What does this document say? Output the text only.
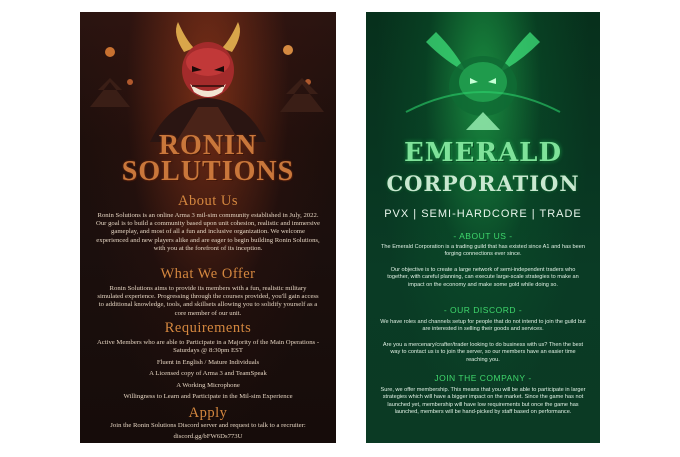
RONIN
SOLUTIONS
About Us
Ronin Solutions is an online Arma 3 mil-sim community established in July, 2022. Our goal is to build a community based upon unit cohesion, realistic and immersive gameplay, and most of all a fun and inclusive organization. We welcome experienced and new players alike and are eager to begin building Ronin Solutions, with you at the forefront of its inception.
What We Offer
Ronin Solutions aims to provide its members with a fun, realistic military simulated experience. Progressing through the courses provided, you'll gain access to additional knowledge, tools, and skillsets allowing you to solidify yourself as a core member of our unit.
Requirements
Active Members who are able to Participate in a Majority of the Main Operations - Saturdays @ 8:30pm EST
Fluent in English / Mature Individuals
A Licensed copy of Arma 3 and TeamSpeak
A Working Microphone
Willingness to Learn and Participate in the Mil-sim Experience
Apply
Join the Ronin Solutions Discord server and request to talk to a recruiter:
discord.gg/bFW6Ds773U
EMERALD
CORPORATION
PVX | SEMI-HARDCORE | TRADE
- ABOUT US -
The Emerald Corporation is a trading guild that has existed since A1 and has been forging connections ever since.
Our objective is to create a large network of semi-independent traders who together, with careful planning, can execute large-scale strategies to make an impact on the economy and make some gold while doing so.
- OUR DISCORD -
We have roles and channels setup for people that do not intend to join the guild but are interested in selling their goods and services.
Are you a mercenary/crafter/trader looking to do business with us? Then the best way to contact us is to join the server, so our members have an easier time reaching you.
JOIN THE COMPANY -
Sure, we offer membership. This means that you will be able to participate in larger strategies which will have a bigger impact on the market. Since the game has not launched yet, membership will have low requirements but once the game has launched, members will be hand-picked by staff based on performance.
